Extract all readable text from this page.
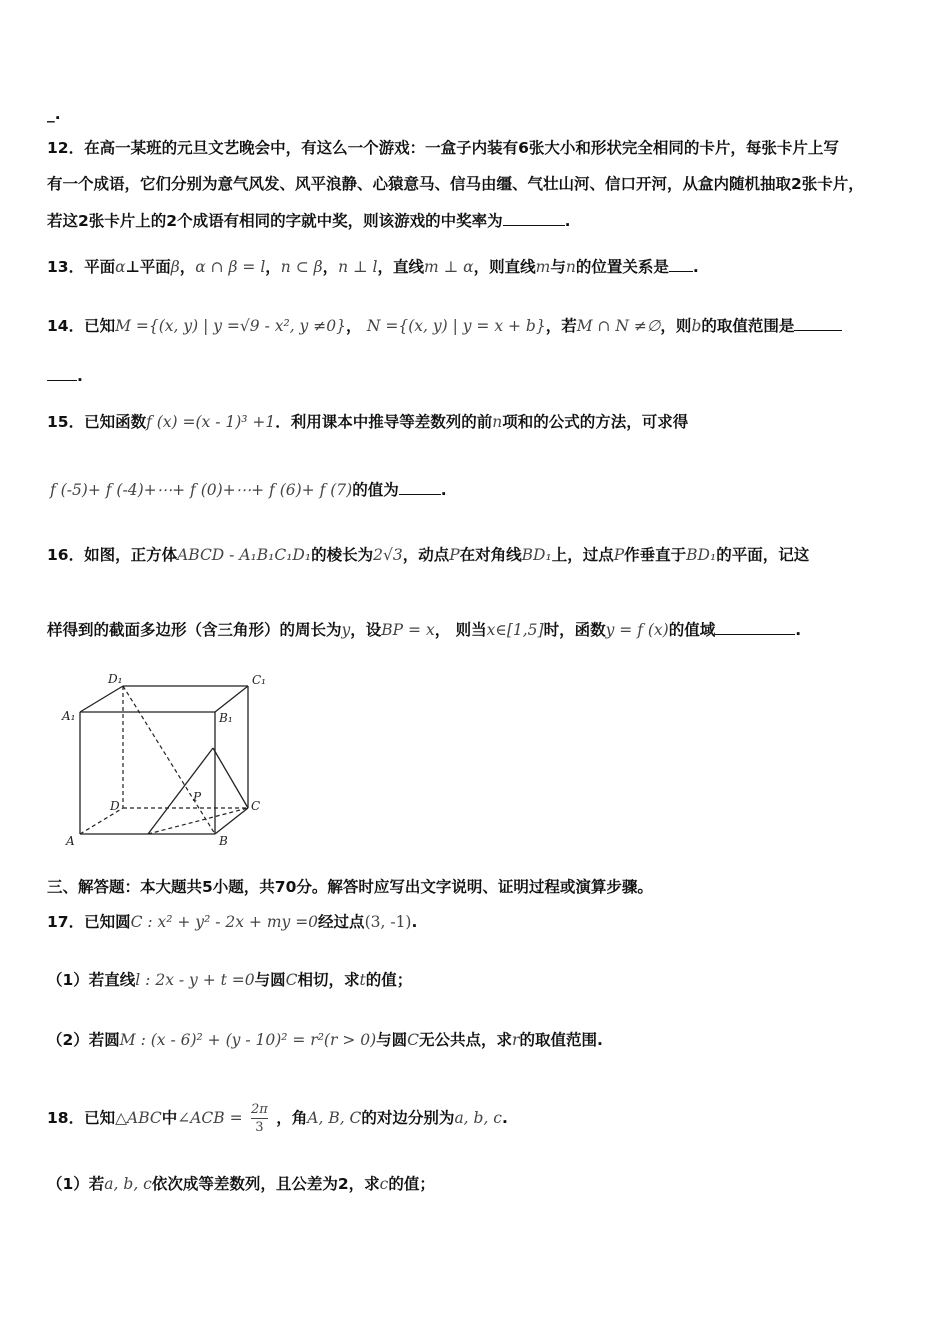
_.
12．在高一某班的元旦文艺晚会中，有这么一个游戏：一盒子内装有6张大小和形状完全相同的卡片，每张卡片上写
有一个成语，它们分别为意气风发、风平浪静、心猿意马、信马由缰、气壮山河、信口开河，从盒内随机抽取2张卡片，
若这2张卡片上的2个成语有相同的字就中奖，则该游戏的中奖率为	.
13．平面α⊥平面β，α ∩ β = l，n ⊂ β，n ⊥ l，直线m ⊥ α，则直线m与n的位置关系是 .
14．已知M ={(x, y) | y =√9 - x², y ≠0}， N ={(x, y) | y = x + b}，若M ∩ N ≠∅，则b的取值范围是
.
15．已知函数f (x) =(x - 1)³ +1．利用课本中推导等差数列的前n项和的公式的方法，可求得
f (-5)+ f (-4)+⋯+ f (0)+⋯+ f (6)+ f (7)的值为	.
16．如图，正方体ABCD - A₁B₁C₁D₁的棱长为2√3，动点P在对角线BD₁上，过点P作垂直于BD₁的平面，记这
样得到的截面多边形（含三角形）的周长为y，设BP = x， 则当x∈[1,5]时，函数y = f (x)的值域	.
D₁	C₁
A₁	B₁
D	C
P
A	B
三、解答题：本大题共5小题，共70分。解答时应写出文字说明、证明过程或演算步骤。
17．已知圆C : x² + y² - 2x + my =0经过点(3, -1).
（1）若直线l : 2x - y + t =0与圆C相切，求t的值；
（2）若圆M : (x - 6)² + (y - 10)² = r²(r > 0)与圆C无公共点，求r的取值范围.
18．已知△ABC中∠ACB = $\frac{2\pi}{3}$ ，角A, B, C的对边分别为a, b, c.
（1）若a, b, c依次成等差数列，且公差为2，求c的值；
